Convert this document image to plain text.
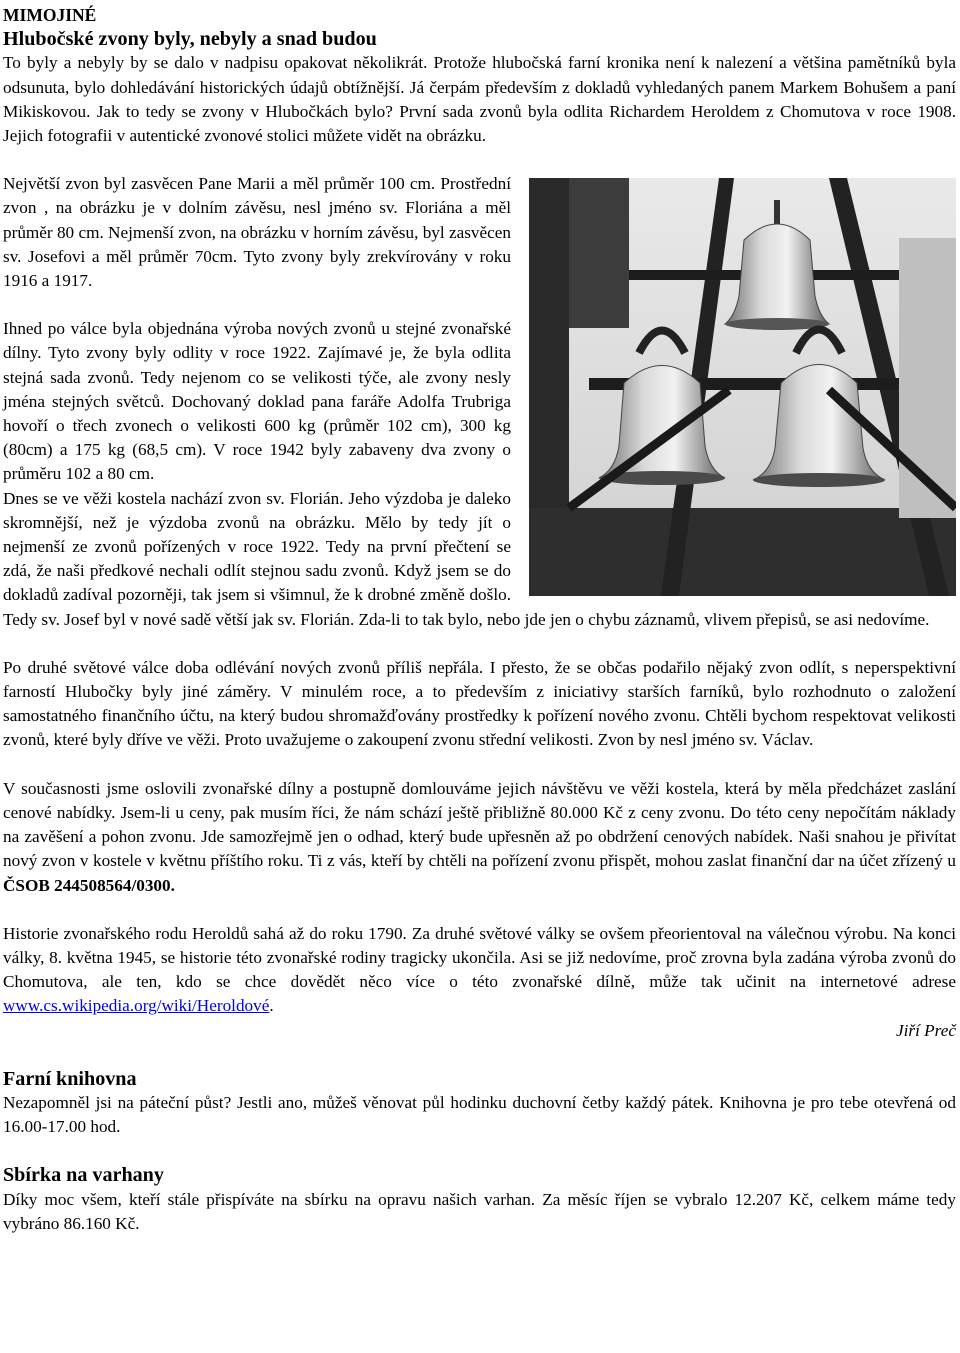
MIMOJINÉ
Hlubočské zvony byly, nebyly a snad budou

To byly a nebyly by se dalo v nadpisu opakovat několikrát. Protože hlubočská farní kronika není k nalezení a většina pamětníků byla odsunuta, bylo dohledávání historických údajů obtížnější. Já čerpám především z dokladů vyhledaných panem Markem Bohušem a paní Mikiskovou. Jak to tedy se zvony v Hlubočkách bylo? První sada zvonů byla odlita Richardem Heroldem z Chomutova v roce 1908. Jejich fotografii v autentické zvonové stolici můžete vidět na obrázku.

Největší zvon byl zasvěcen Pane Marii a měl průměr 100 cm. Prostřední zvon , na obrázku je v dolním závěsu, nesl jméno sv. Floriána a měl průměr 80 cm. Nejmenší zvon, na obrázku v horním závěsu, byl zasvěcen sv. Josefovi a měl průměr 70cm. Tyto zvony byly zrekvírovány v roku 1916 a 1917.

Ihned po válce byla objednána výroba nových zvonů u stejné zvonařské dílny. Tyto zvony byly odlity v roce 1922. Zajímavé je, že byla odlita stejná sada zvonů. Tedy nejenom co se velikosti týče, ale zvony nesly jména stejných světců. Dochovaný doklad pana faráře Adolfa Trubriga hovoří o třech zvonech o velikosti 600 kg (průměr 102 cm), 300 kg (80cm) a 175 kg (68,5 cm). V roce 1942 byly zabaveny dva zvony o průměru 102 a 80 cm.

Dnes se ve věži kostela nachází zvon sv. Florián. Jeho výzdoba je daleko skromnější, než je výzdoba zvonů na obrázku. Mělo by tedy jít o nejmenší ze zvonů pořízených v roce 1922. Tedy na první přečtení se zdá, že naši předkové nechali odlít stejnou sadu zvonů. Když jsem se do dokladů zadíval pozorněji, tak jsem si všimnul, že k drobné změně došlo. Tedy sv. Josef byl v nové sadě větší jak sv. Florián. Zda-li to tak bylo, nebo jde jen o chybu záznamů, vlivem přepisů, se asi nedovíme.

Po druhé světové válce doba odlévání nových zvonů příliš nepřála. I přesto, že se občas podařilo nějaký zvon odlít, s neperspektivní farností Hlubočky byly jiné záměry. V minulém roce, a to především z iniciativy starších farníků, bylo rozhodnuto o založení samostatného finančního účtu, na který budou shromažďovány prostředky k pořízení nového zvonu. Chtěli bychom respektovat velikosti zvonů, které byly dříve ve věži. Proto uvažujeme o zakoupení zvonu střední velikosti. Zvon by nesl jméno sv. Václav.

V současnosti jsme oslovili zvonařské dílny a postupně domlouváme jejich návštěvu ve věži kostela, která by měla předcházet zaslání cenové nabídky. Jsem-li u ceny, pak musím říci, že nám schází ještě přibližně 80.000 Kč z ceny zvonu. Do této ceny nepočítám náklady na zavěšení a pohon zvonu. Jde samozřejmě jen o odhad, který bude upřesněn až po obdržení cenových nabídek. Naši snahou je přivítat nový zvon v kostele v květnu příštího roku. Ti z vás, kteří by chtěli na pořízení zvonu přispět, mohou zaslat finanční dar na účet zřízený u ČSOB 244508564/0300.

Historie zvonařského rodu Heroldů sahá až do roku 1790. Za druhé světové války se ovšem přeorientoval na válečnou výrobu. Na konci války, 8. května 1945, se historie této zvonařské rodiny tragicky ukončila. Asi se již nedovíme, proč zrovna byla zadána výroba zvonů do Chomutova, ale ten, kdo se chce dovědět něco více o této zvonařské dílně, může tak učinit na internetové adrese www.cs.wikipedia.org/wiki/Heroldové.

Jiří Preč

Farní knihovna

Nezapomněl jsi na páteční půst? Jestli ano, můžeš věnovat půl hodinku duchovní četby každý pátek. Knihovna je pro tebe otevřená od 16.00-17.00 hod.

Sbírka na varhany

Díky moc všem, kteří stále přispíváte na sbírku na opravu našich varhan. Za měsíc říjen se vybralo 12.207 Kč, celkem máme tedy vybráno 86.160 Kč.
